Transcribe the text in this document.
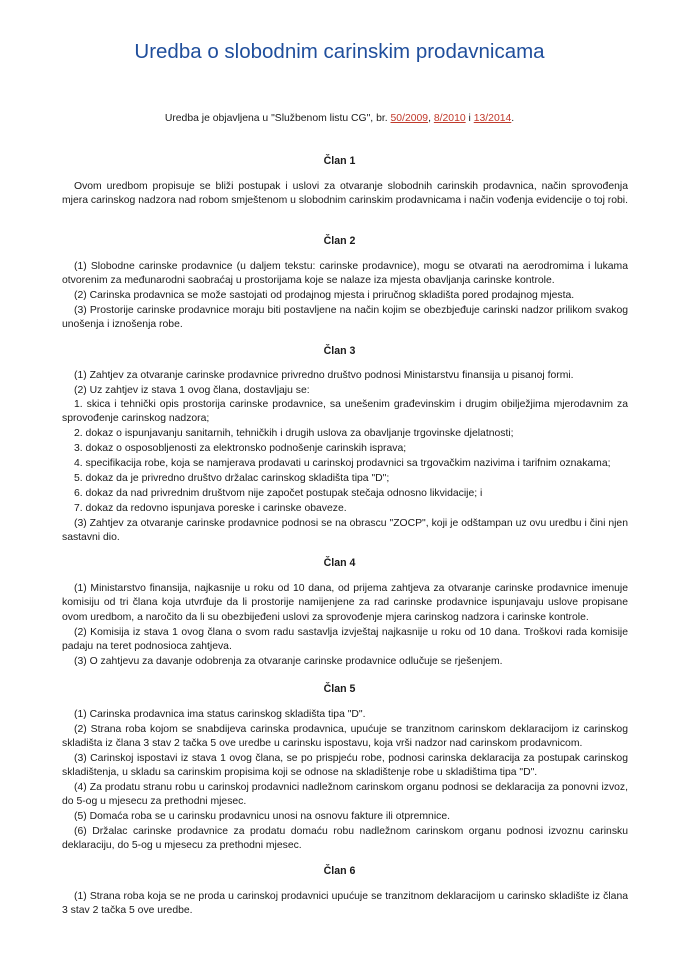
Uredba o slobodnim carinskim prodavnicama
Uredba je objavljena u "Službenom listu CG", br. 50/2009, 8/2010 i 13/2014.
Član 1
Ovom uredbom propisuje se bliži postupak i uslovi za otvaranje slobodnih carinskih prodavnica, način sprovođenja mjera carinskog nadzora nad robom smještenom u slobodnim carinskim prodavnicama i način vođenja evidencije o toj robi.
Član 2
(1) Slobodne carinske prodavnice (u daljem tekstu: carinske prodavnice), mogu se otvarati na aerodromima i lukama otvorenim za međunarodni saobraćaj u prostorijama koje se nalaze iza mjesta obavljanja carinske kontrole.
(2) Carinska prodavnica se može sastojati od prodajnog mjesta i priručnog skladišta pored prodajnog mjesta.
(3) Prostorije carinske prodavnice moraju biti postavljene na način kojim se obezbjeđuje carinski nadzor prilikom svakog unošenja i iznošenja robe.
Član 3
(1) Zahtjev za otvaranje carinske prodavnice privredno društvo podnosi Ministarstvu finansija u pisanoj formi.
(2) Uz zahtjev iz stava 1 ovog člana, dostavljaju se:
1. skica i tehnički opis prostorija carinske prodavnice, sa unešenim građevinskim i drugim obilježjima mjerodavnim za sprovođenje carinskog nadzora;
2. dokaz o ispunjavanju sanitarnih, tehničkih i drugih uslova za obavljanje trgovinske djelatnosti;
3. dokaz o osposobljenosti za elektronsko podnošenje carinskih isprava;
4. specifikacija robe, koja se namjerava prodavati u carinskoj prodavnici sa trgovačkim nazivima i tarifnim oznakama;
5. dokaz da je privredno društvo držalac carinskog skladišta tipa "D";
6. dokaz da nad privrednim društvom nije započet postupak stečaja odnosno likvidacije; i
7. dokaz da redovno ispunjava poreske i carinske obaveze.
(3) Zahtjev za otvaranje carinske prodavnice podnosi se na obrascu "ZOCP", koji je odštampan uz ovu uredbu i čini njen sastavni dio.
Član 4
(1) Ministarstvo finansija, najkasnije u roku od 10 dana, od prijema zahtjeva za otvaranje carinske prodavnice imenuje komisiju od tri člana koja utvrđuje da li prostorije namijenjene za rad carinske prodavnice ispunjavaju uslove propisane ovom uredbom, a naročito da li su obezbijeđeni uslovi za sprovođenje mjera carinskog nadzora i carinske kontrole.
(2) Komisija iz stava 1 ovog člana o svom radu sastavlja izvještaj najkasnije u roku od 10 dana. Troškovi rada komisije padaju na teret podnosioca zahtjeva.
(3) O zahtjevu za davanje odobrenja za otvaranje carinske prodavnice odlučuje se rješenjem.
Član 5
(1) Carinska prodavnica ima status carinskog skladišta tipa "D".
(2) Strana roba kojom se snabdijeva carinska prodavnica, upućuje se tranzitnom carinskom deklaracijom iz carinskog skladišta iz člana 3 stav 2 tačka 5 ove uredbe u carinsku ispostavu, koja vrši nadzor nad carinskom prodavnicom.
(3) Carinskoj ispostavi iz stava 1 ovog člana, se po prispjeću robe, podnosi carinska deklaracija za postupak carinskog skladištenja, u skladu sa carinskim propisima koji se odnose na skladištenje robe u skladištima tipa "D".
(4) Za prodatu stranu robu u carinskoj prodavnici nadležnom carinskom organu podnosi se deklaracija za ponovni izvoz, do 5-og u mjesecu za prethodni mjesec.
(5) Domaća roba se u carinsku prodavnicu unosi na osnovu fakture ili otpremnice.
(6) Držalac carinske prodavnice za prodatu domaću robu nadležnom carinskom organu podnosi izvoznu carinsku deklaraciju, do 5-og u mjesecu za prethodni mjesec.
Član 6
(1) Strana roba koja se ne proda u carinskoj prodavnici upućuje se tranzitnom deklaracijom u carinsko skladište iz člana 3 stav 2 tačka 5 ove uredbe.
